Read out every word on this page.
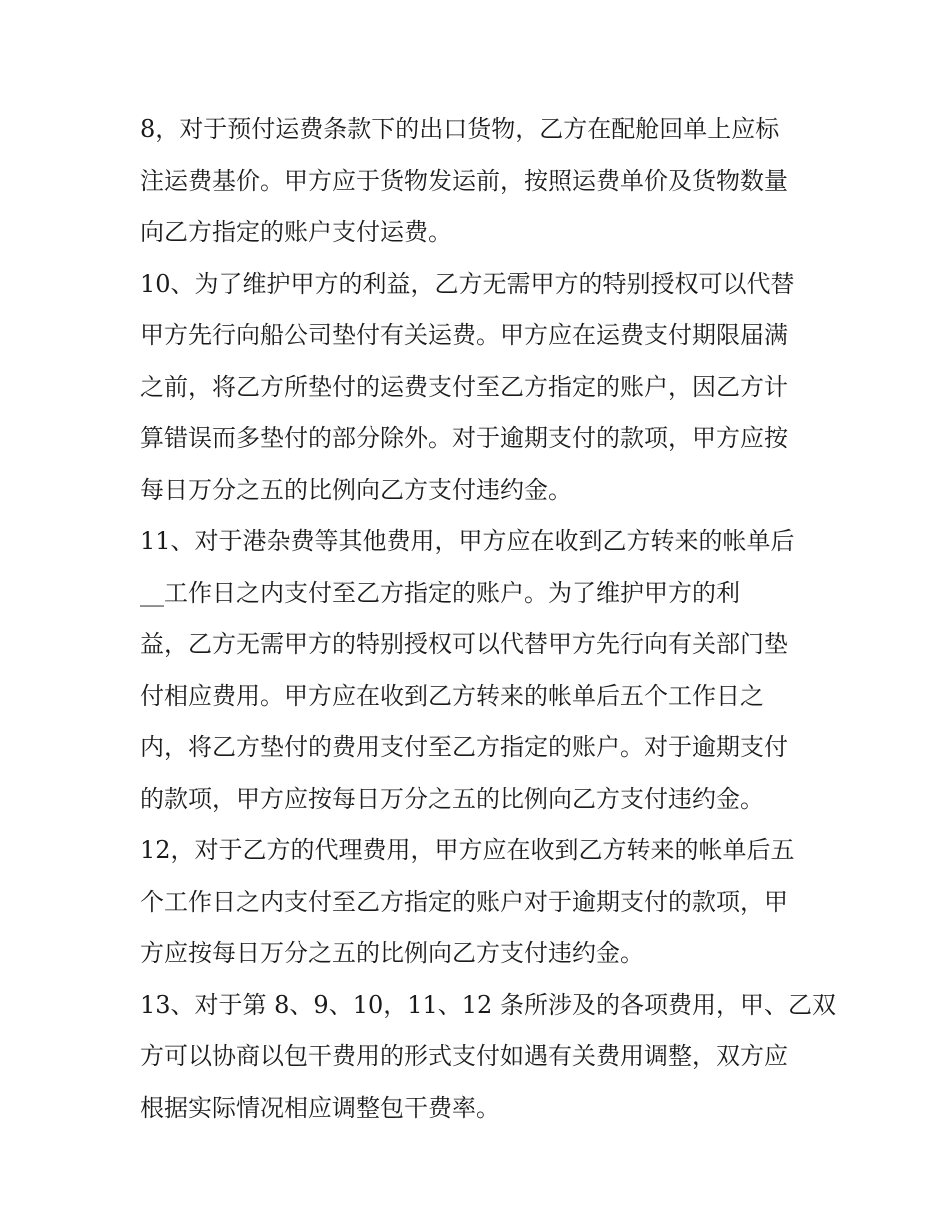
8，对于预付运费条款下的出口货物，乙方在配舱回单上应标
注运费基价。甲方应于货物发运前，按照运费单价及货物数量
向乙方指定的账户支付运费。
10、为了维护甲方的利益，乙方无需甲方的特别授权可以代替
甲方先行向船公司垫付有关运费。甲方应在运费支付期限届满
之前，将乙方所垫付的运费支付至乙方指定的账户，因乙方计
算错误而多垫付的部分除外。对于逾期支付的款项，甲方应按
每日万分之五的比例向乙方支付违约金。
11、对于港杂费等其他费用，甲方应在收到乙方转来的帐单后
__工作日之内支付至乙方指定的账户。为了维护甲方的利
益，乙方无需甲方的特别授权可以代替甲方先行向有关部门垫
付相应费用。甲方应在收到乙方转来的帐单后五个工作日之
内，将乙方垫付的费用支付至乙方指定的账户。对于逾期支付
的款项，甲方应按每日万分之五的比例向乙方支付违约金。
12，对于乙方的代理费用，甲方应在收到乙方转来的帐单后五
个工作日之内支付至乙方指定的账户对于逾期支付的款项，甲
方应按每日万分之五的比例向乙方支付违约金。
13、对于第 8、9、10，11、12 条所涉及的各项费用，甲、乙双
方可以协商以包干费用的形式支付如遇有关费用调整，双方应
根据实际情况相应调整包干费率。
